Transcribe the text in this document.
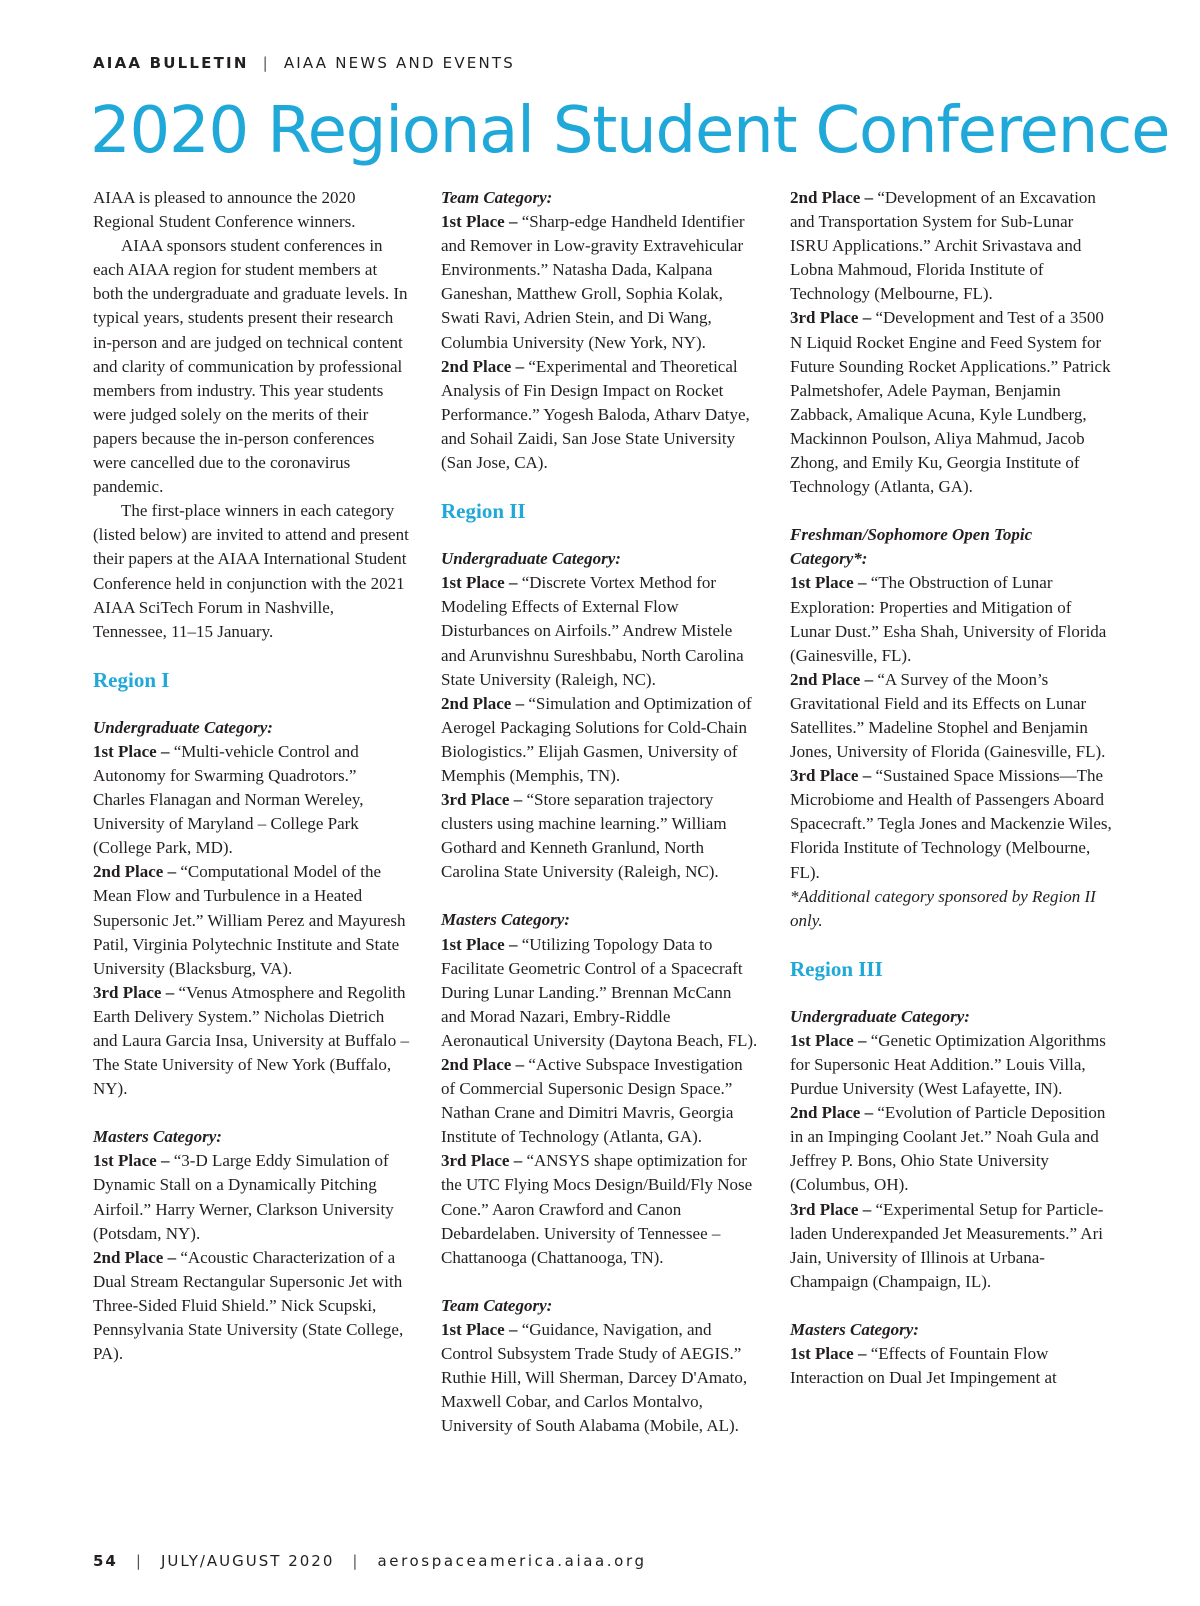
AIAA BULLETIN | AIAA NEWS AND EVENTS
2020 Regional Student Conference

AIAA is pleased to announce the 2020 Regional Student Conference winners.

AIAA sponsors student conferences in each AIAA region for student members at both the undergraduate and graduate levels. In typical years, students present their research in-person and are judged on technical content and clarity of communication by professional members from industry. This year students were judged solely on the merits of their papers because the in-person conferences were cancelled due to the coronavirus pandemic.

The first-place winners in each category (listed below) are invited to attend and present their papers at the AIAA International Student Conference held in conjunction with the 2021 AIAA SciTech Forum in Nashville, Tennessee, 11–15 January.

Region I

Undergraduate Category:

1st Place – “Multi-vehicle Control and Autonomy for Swarming Quadrotors.” Charles Flanagan and Norman Wereley, University of Maryland – College Park (College Park, MD).

2nd Place – “Computational Model of the Mean Flow and Turbulence in a Heated Supersonic Jet.” William Perez and Mayuresh Patil, Virginia Polytechnic Institute and State University (Blacksburg, VA).

3rd Place – “Venus Atmosphere and Regolith Earth Delivery System.” Nicholas Dietrich and Laura Garcia Insa, University at Buffalo – The State University of New York (Buffalo, NY).

Masters Category:

1st Place – “3-D Large Eddy Simulation of Dynamic Stall on a Dynamically Pitching Airfoil.” Harry Werner, Clarkson University (Potsdam, NY).

2nd Place – “Acoustic Characterization of a Dual Stream Rectangular Supersonic Jet with Three-Sided Fluid Shield.” Nick Scupski, Pennsylvania State University (State College, PA).

Team Category:

1st Place – “Sharp-edge Handheld Identifier and Remover in Low-gravity Extravehicular Environments.” Natasha Dada, Kalpana Ganeshan, Matthew Groll, Sophia Kolak, Swati Ravi, Adrien Stein, and Di Wang, Columbia University (New York, NY).

2nd Place – “Experimental and Theoretical Analysis of Fin Design Impact on Rocket Performance.” Yogesh Baloda, Atharv Datye, and Sohail Zaidi, San Jose State University (San Jose, CA).

Region II

Undergraduate Category:

1st Place – “Discrete Vortex Method for Modeling Effects of External Flow Disturbances on Airfoils.” Andrew Mistele and Arunvishnu Sureshbabu, North Carolina State University (Raleigh, NC).

2nd Place – “Simulation and Optimization of Aerogel Packaging Solutions for Cold-Chain Biologistics.” Elijah Gasmen, University of Memphis (Memphis, TN).

3rd Place – “Store separation trajectory clusters using machine learning.” William Gothard and Kenneth Granlund, North Carolina State University (Raleigh, NC).

Masters Category:

1st Place – “Utilizing Topology Data to Facilitate Geometric Control of a Spacecraft During Lunar Landing.” Brennan McCann and Morad Nazari, Embry-Riddle Aeronautical University (Daytona Beach, FL).

2nd Place – “Active Subspace Investigation of Commercial Supersonic Design Space.” Nathan Crane and Dimitri Mavris, Georgia Institute of Technology (Atlanta, GA).

3rd Place – “ANSYS shape optimization for the UTC Flying Mocs Design/Build/Fly Nose Cone.” Aaron Crawford and Canon Debardelaben. University of Tennessee – Chattanooga (Chattanooga, TN).

Team Category:

1st Place – “Guidance, Navigation, and Control Subsystem Trade Study of AEGIS.” Ruthie Hill, Will Sherman, Darcey D'Amato, Maxwell Cobar, and Carlos Montalvo, University of South Alabama (Mobile, AL).

2nd Place – “Development of an Excavation and Transportation System for Sub-Lunar ISRU Applications.” Archit Srivastava and Lobna Mahmoud, Florida Institute of Technology (Melbourne, FL).

3rd Place – “Development and Test of a 3500 N Liquid Rocket Engine and Feed System for Future Sounding Rocket Applications.” Patrick Palmetshofer, Adele Payman, Benjamin Zabback, Amalique Acuna, Kyle Lundberg, Mackinnon Poulson, Aliya Mahmud, Jacob Zhong, and Emily Ku, Georgia Institute of Technology (Atlanta, GA).

Freshman/Sophomore Open Topic Category*:

1st Place – “The Obstruction of Lunar Exploration: Properties and Mitigation of Lunar Dust.” Esha Shah, University of Florida (Gainesville, FL).

2nd Place – “A Survey of the Moon’s Gravitational Field and its Effects on Lunar Satellites.” Madeline Stophel and Benjamin Jones, University of Florida (Gainesville, FL).

3rd Place – “Sustained Space Missions—The Microbiome and Health of Passengers Aboard Spacecraft.” Tegla Jones and Mackenzie Wiles, Florida Institute of Technology (Melbourne, FL).

*Additional category sponsored by Region II only.

Region III

Undergraduate Category:

1st Place – “Genetic Optimization Algorithms for Supersonic Heat Addition.” Louis Villa, Purdue University (West Lafayette, IN).

2nd Place – “Evolution of Particle Deposition in an Impinging Coolant Jet.” Noah Gula and Jeffrey P. Bons, Ohio State University (Columbus, OH).

3rd Place – “Experimental Setup for Particle-laden Underexpanded Jet Measurements.” Ari Jain, University of Illinois at Urbana-Champaign (Champaign, IL).

Masters Category:

1st Place – “Effects of Fountain Flow Interaction on Dual Jet Impingement at

54 | JULY/AUGUST 2020 | aerospaceamerica.aiaa.org
